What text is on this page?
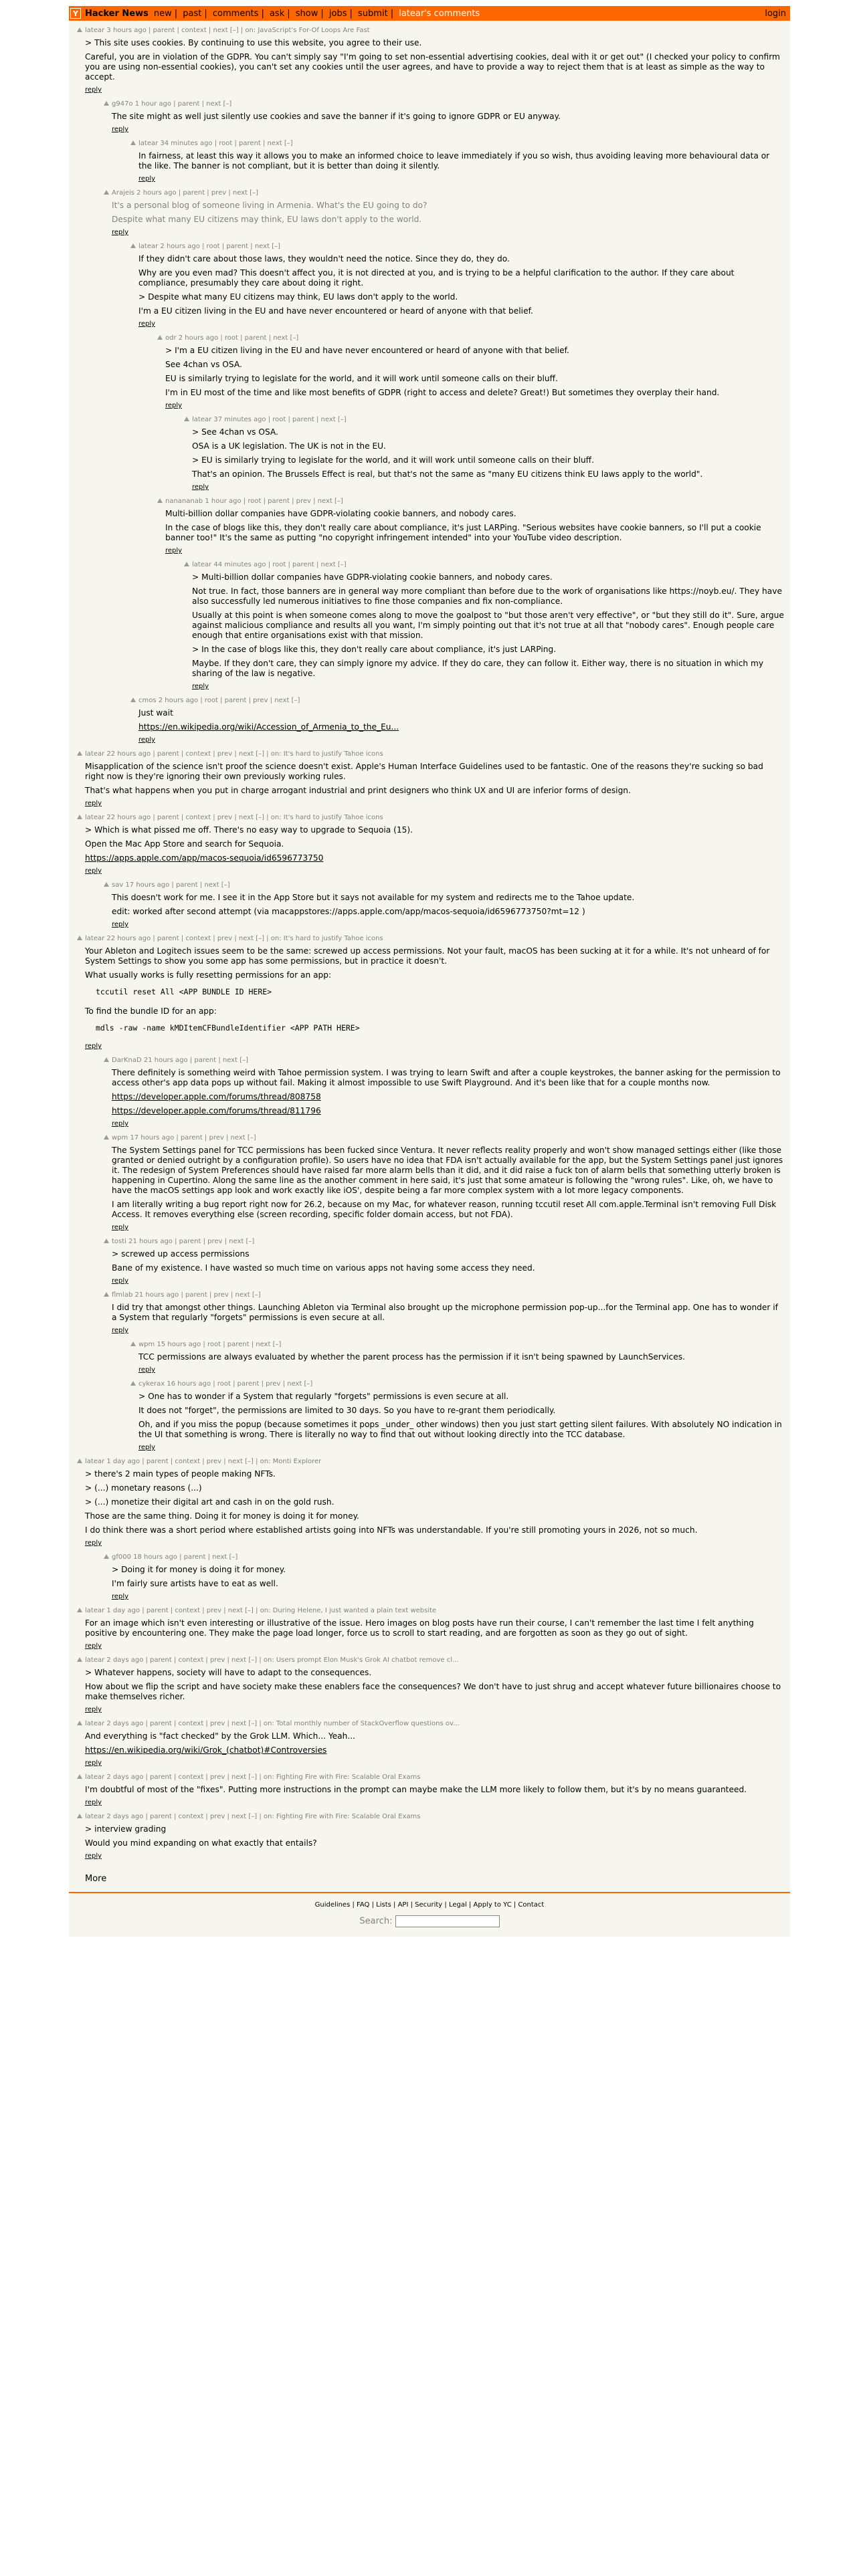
Y Hacker News new | past | comments | ask | show | jobs | submit | latear's comments	login
latear 3 hours ago | parent | context | next [–] | on: JavaScript's For-Of Loops Are Fast

> This site uses cookies. By continuing to use this website, you agree to their use.

Careful, you are in violation of the GDPR. You can't simply say "I'm going to set non-essential advertising cookies, deal with it or get out" (I checked your policy to confirm you are using non-essential cookies), you can't set any cookies until the user agrees, and have to provide a way to reject them that is at least as simple as the way to accept.

reply
g947o 1 hour ago | parent | next [–]

The site might as well just silently use cookies and save the banner if it's going to ignore GDPR or EU anyway.

reply
latear 34 minutes ago | root | parent | next [–]

In fairness, at least this way it allows you to make an informed choice to leave immediately if you so wish, thus avoiding leaving more behavioural data or the like. The banner is not compliant, but it is better than doing it silently.

reply
Arajeis 2 hours ago | parent | prev | next [–]

It's a personal blog of someone living in Armenia. What's the EU going to do?

Despite what many EU citizens may think, EU laws don't apply to the world.

reply
latear 2 hours ago | root | parent | next [–]

If they didn't care about those laws, they wouldn't need the notice. Since they do, they do.

Why are you even mad? This doesn't affect you, it is not directed at you, and is trying to be a helpful clarification to the author. If they care about compliance, presumably they care about doing it right.

> Despite what many EU citizens may think, EU laws don't apply to the world.

I'm a EU citizen living in the EU and have never encountered or heard of anyone with that belief.

reply
odr 2 hours ago | root | parent | next [–]

> I'm a EU citizen living in the EU and have never encountered or heard of anyone with that belief.

See 4chan vs OSA.

EU is similarly trying to legislate for the world, and it will work until someone calls on their bluff.

I'm in EU most of the time and like most benefits of GDPR (right to access and delete? Great!) But sometimes they overplay their hand.

reply
latear 37 minutes ago | root | parent | next [–]

> See 4chan vs OSA.

OSA is a UK legislation. The UK is not in the EU.

> EU is similarly trying to legislate for the world, and it will work until someone calls on their bluff.

That's an opinion. The Brussels Effect is real, but that's not the same as "many EU citizens think EU laws apply to the world".

reply
nanananab 1 hour ago | root | parent | prev | next [–]

Multi-billion dollar companies have GDPR-violating cookie banners, and nobody cares.

In the case of blogs like this, they don't really care about compliance, it's just LARPing. "Serious websites have cookie banners, so I'll put a cookie banner too!" It's the same as putting "no copyright infringement intended" into your YouTube video description.

reply
latear 44 minutes ago | root | parent | next [–]

> Multi-billion dollar companies have GDPR-violating cookie banners, and nobody cares.

Not true. In fact, those banners are in general way more compliant than before due to the work of organisations like https://noyb.eu/. They have also successfully led numerous initiatives to fine those companies and fix non-compliance.

Usually at this point is when someone comes along to move the goalpost to "but those aren't very effective", or "but they still do it". Sure, argue against malicious compliance and results all you want, I'm simply pointing out that it's not true at all that "nobody cares". Enough people care enough that entire organisations exist with that mission.

> In the case of blogs like this, they don't really care about compliance, it's just LARPing.

Maybe. If they don't care, they can simply ignore my advice. If they do care, they can follow it. Either way, there is no situation in which my sharing of the law is negative.

reply
cmos 2 hours ago | root | parent | prev | next [–]

Just wait

https://en.wikipedia.org/wiki/Accession_of_Armenia_to_the_Eu...

reply
latear 22 hours ago | parent | context | prev | next [–] | on: It's hard to justify Tahoe icons

Misapplication of the science isn't proof the science doesn't exist. Apple's Human Interface Guidelines used to be fantastic. One of the reasons they're sucking so bad right now is they're ignoring their own previously working rules.

That's what happens when you put in charge arrogant industrial and print designers who think UX and UI are inferior forms of design.

reply
latear 22 hours ago | parent | context | prev | next [–] | on: It's hard to justify Tahoe icons

> Which is what pissed me off. There's no easy way to upgrade to Sequoia (15).

Open the Mac App Store and search for Sequoia.

https://apps.apple.com/app/macos-sequoia/id6596773750

reply
sav 17 hours ago | parent | next [–]

This doesn't work for me. I see it in the App Store but it says not available for my system and redirects me to the Tahoe update.

edit: worked after second attempt (via macappstores://apps.apple.com/app/macos-sequoia/id6596773750?mt=12 )

reply
latear 22 hours ago | parent | context | prev | next [–] | on: It's hard to justify Tahoe icons

Your Ableton and Logitech issues seem to be the same: screwed up access permissions. Not your fault, macOS has been sucking at it for a while. It's not unheard of for System Settings to show you some app has some permissions, but in practice it doesn't.

What usually works is fully resetting permissions for an app:

tccutil reset All <APP BUNDLE ID HERE>

To find the bundle ID for an app:

mdls -raw -name kMDItemCFBundleIdentifier <APP PATH HERE>

reply
DarKnaD 21 hours ago | parent | next [–]

There definitely is something weird with Tahoe permission system. I was trying to learn Swift and after a couple keystrokes, the banner asking for the permission to access other's app data pops up without fail. Making it almost impossible to use Swift Playground. And it's been like that for a couple months now.

https://developer.apple.com/forums/thread/808758

https://developer.apple.com/forums/thread/811796

reply
wpm 17 hours ago | parent | prev | next [–]

The System Settings panel for TCC permissions has been fucked since Ventura. It never reflects reality properly and won't show managed settings either (like those granted or denied outright by a configuration profile). So users have no idea that FDA isn't actually available for the app, but the System Settings panel just ignores it. The redesign of System Preferences should have raised far more alarm bells than it did, and it did raise a fuck ton of alarm bells that something utterly broken is happening in Cupertino. Along the same line as the another comment in here said, it's just that some amateur is following the "wrong rules". Like, oh, we have to have the macOS settings app look and work exactly like iOS', despite being a far more complex system with a lot more legacy components.

I am literally writing a bug report right now for 26.2, because on my Mac, for whatever reason, running tccutil reset All com.apple.Terminal isn't removing Full Disk Access. It removes everything else (screen recording, specific folder domain access, but not FDA).

reply
tosti 21 hours ago | parent | prev | next [–]

> screwed up access permissions

Bane of my existence. I have wasted so much time on various apps not having some access they need.

reply
flmlab 21 hours ago | parent | prev | next [–]

I did try that amongst other things. Launching Ableton via Terminal also brought up the microphone permission pop-up...for the Terminal app. One has to wonder if a System that regularly "forgets" permissions is even secure at all.

reply
wpm 15 hours ago | root | parent | next [–]

TCC permissions are always evaluated by whether the parent process has the permission if it isn't being spawned by LaunchServices.

reply
cykerax 16 hours ago | root | parent | prev | next [–]

> One has to wonder if a System that regularly "forgets" permissions is even secure at all.

It does not "forget", the permissions are limited to 30 days. So you have to re-grant them periodically.

Oh, and if you miss the popup (because sometimes it pops _under_ other windows) then you just start getting silent failures. With absolutely NO indication in the UI that something is wrong. There is literally no way to find that out without looking directly into the TCC database.

reply
latear 1 day ago | parent | context | prev | next [–] | on: Monti Explorer

> there's 2 main types of people making NFTs.

> (...) monetary reasons (...)

> (...) monetize their digital art and cash in on the gold rush.

Those are the same thing. Doing it for money is doing it for money.

I do think there was a short period where established artists going into NFTs was understandable. If you're still promoting yours in 2026, not so much.

reply
gf000 18 hours ago | parent | next [–]

> Doing it for money is doing it for money.

I'm fairly sure artists have to eat as well.

reply
latear 1 day ago | parent | context | prev | next [–] | on: During Helene, I just wanted a plain text website

For an image which isn't even interesting or illustrative of the issue. Hero images on blog posts have run their course, I can't remember the last time I felt anything positive by encountering one. They make the page load longer, force us to scroll to start reading, and are forgotten as soon as they go out of sight.

reply
latear 2 days ago | parent | context | prev | next [–] | on: Users prompt Elon Musk's Grok AI chatbot remove cl...

> Whatever happens, society will have to adapt to the consequences.

How about we flip the script and have society make these enablers face the consequences? We don't have to just shrug and accept whatever future billionaires choose to make themselves richer.

reply
latear 2 days ago | parent | context | prev | next [–] | on: Total monthly number of StackOverflow questions ov...

And everything is "fact checked" by the Grok LLM. Which... Yeah...

https://en.wikipedia.org/wiki/Grok_(chatbot)#Controversies

reply
latear 2 days ago | parent | context | prev | next [–] | on: Fighting Fire with Fire: Scalable Oral Exams

I'm doubtful of most of the "fixes". Putting more instructions in the prompt can maybe make the LLM more likely to follow them, but it's by no means guaranteed.

reply
latear 2 days ago | parent | context | prev | next [–] | on: Fighting Fire with Fire: Scalable Oral Exams

> interview grading

Would you mind expanding on what exactly that entails?

reply
More
Guidelines | FAQ | Lists | API | Security | Legal | Apply to YC | Contact
Search:
